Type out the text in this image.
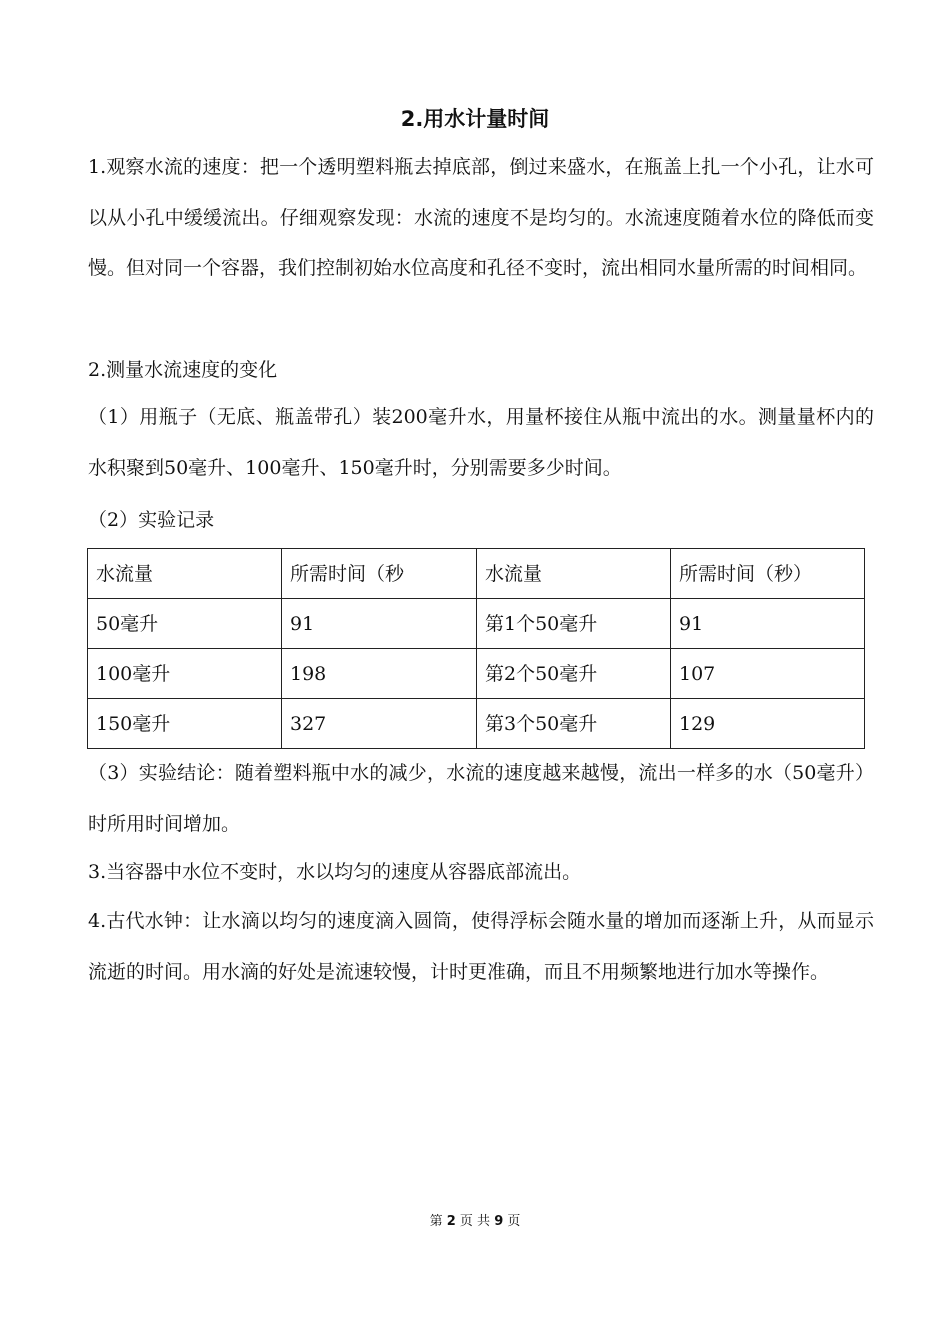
2.用水计量时间
1.观察水流的速度：把一个透明塑料瓶去掉底部，倒过来盛水，在瓶盖上扎一个小孔，让水可以从小孔中缓缓流出。仔细观察发现：水流的速度不是均匀的。水流速度随着水位的降低而变慢。但对同一个容器，我们控制初始水位高度和孔径不变时，流出相同水量所需的时间相同。
2.测量水流速度的变化
（1）用瓶子（无底、瓶盖带孔）装200毫升水，用量杯接住从瓶中流出的水。测量量杯内的水积聚到50毫升、100毫升、150毫升时，分别需要多少时间。
（2）实验记录
水流量	所需时间（秒	水流量	所需时间（秒）
50毫升	91	第1个50毫升	91
100毫升	198	第2个50毫升	107
150毫升	327	第3个50毫升	129
（3）实验结论：随着塑料瓶中水的减少，水流的速度越来越慢，流出一样多的水（50毫升）时所用时间增加。
3.当容器中水位不变时，水以均匀的速度从容器底部流出。
4.古代水钟：让水滴以均匀的速度滴入圆筒，使得浮标会随水量的增加而逐渐上升，从而显示流逝的时间。用水滴的好处是流速较慢，计时更准确，而且不用频繁地进行加水等操作。
第 2 页 共 9 页
